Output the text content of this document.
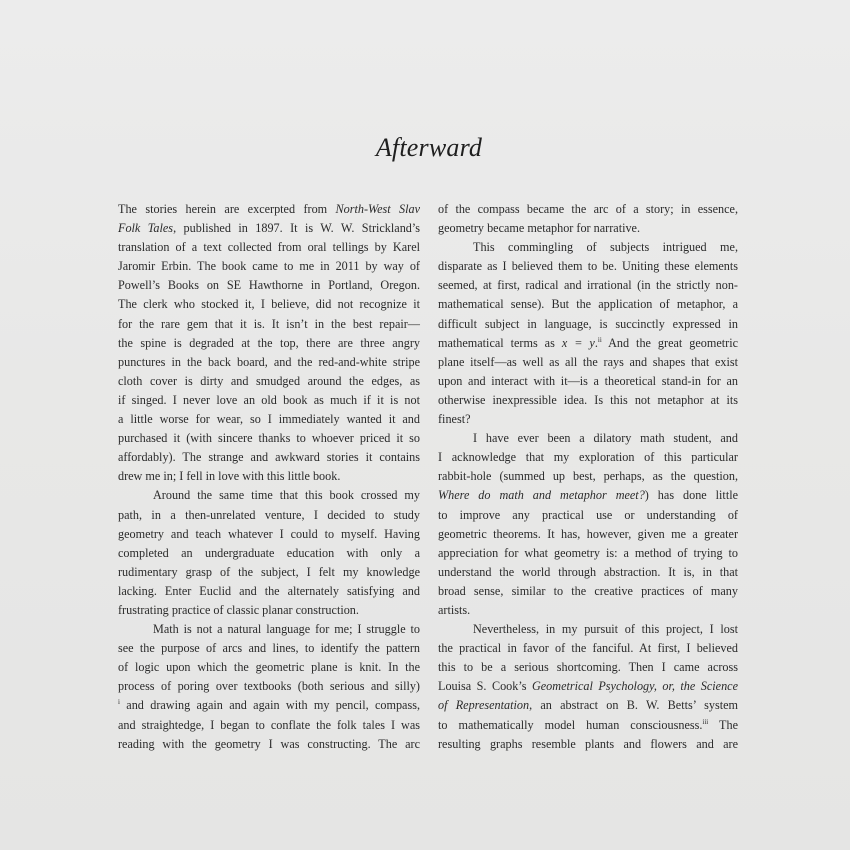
Afterward
The stories herein are excerpted from North-West Slav
Folk Tales, published in 1897. It is W. W. Strickland’s
translation of a text collected from oral tellings by Karel
Jaromir Erbin. The book came to me in 2011 by way of
Powell’s Books on SE Hawthorne in Portland, Oregon.
The clerk who stocked it, I believe, did not recognize it
for the rare gem that it is. It isn’t in the best repair—
the spine is degraded at the top, there are three angry
punctures in the back board, and the red-and-white stripe
cloth cover is dirty and smudged around the edges, as
if singed. I never love an old book as much if it is not
a little worse for wear, so I immediately wanted it and
purchased it (with sincere thanks to whoever priced it so
affordably). The strange and awkward stories it contains
drew me in; I fell in love with this little book.
Around the same time that this book crossed my
path, in a then-unrelated venture, I decided to study
geometry and teach whatever I could to myself. Having
completed an undergraduate education with only a
rudimentary grasp of the subject, I felt my knowledge
lacking. Enter Euclid and the alternately satisfying and
frustrating practice of classic planar construction.
Math is not a natural language for me; I struggle to
see the purpose of arcs and lines, to identify the pattern
of logic upon which the geometric plane is knit. In the
process of poring over textbooks (both serious and silly)
$^i$ and drawing again and again with my pencil, compass,
and straightedge, I began to conflate the folk tales I was
reading with the geometry I was constructing. The arc
of the compass became the arc of a story; in essence,
geometry became metaphor for narrative.
This commingling of subjects intrigued me,
disparate as I believed them to be. Uniting these elements
seemed, at first, radical and irrational (in the strictly non-
mathematical sense). But the application of metaphor, a
difficult subject in language, is succinctly expressed in
mathematical terms as x = y.$^{ii}$ And the great geometric
plane itself—as well as all the rays and shapes that exist
upon and interact with it—is a theoretical stand-in for an
otherwise inexpressible idea. Is this not metaphor at its
finest?
I have ever been a dilatory math student, and
I acknowledge that my exploration of this particular
rabbit-hole (summed up best, perhaps, as the question,
Where do math and metaphor meet?) has done little
to improve any practical use or understanding of
geometric theorems. It has, however, given me a greater
appreciation for what geometry is: a method of trying to
understand the world through abstraction. It is, in that
broad sense, similar to the creative practices of many
artists.
Nevertheless, in my pursuit of this project, I lost
the practical in favor of the fanciful. At first, I believed
this to be a serious shortcoming. Then I came across
Louisa S. Cook’s Geometrical Psychology, or, the Science
of Representation, an abstract on B. W. Betts’ system
to mathematically model human consciousness.$^{iii}$ The
resulting graphs resemble plants and flowers and are
